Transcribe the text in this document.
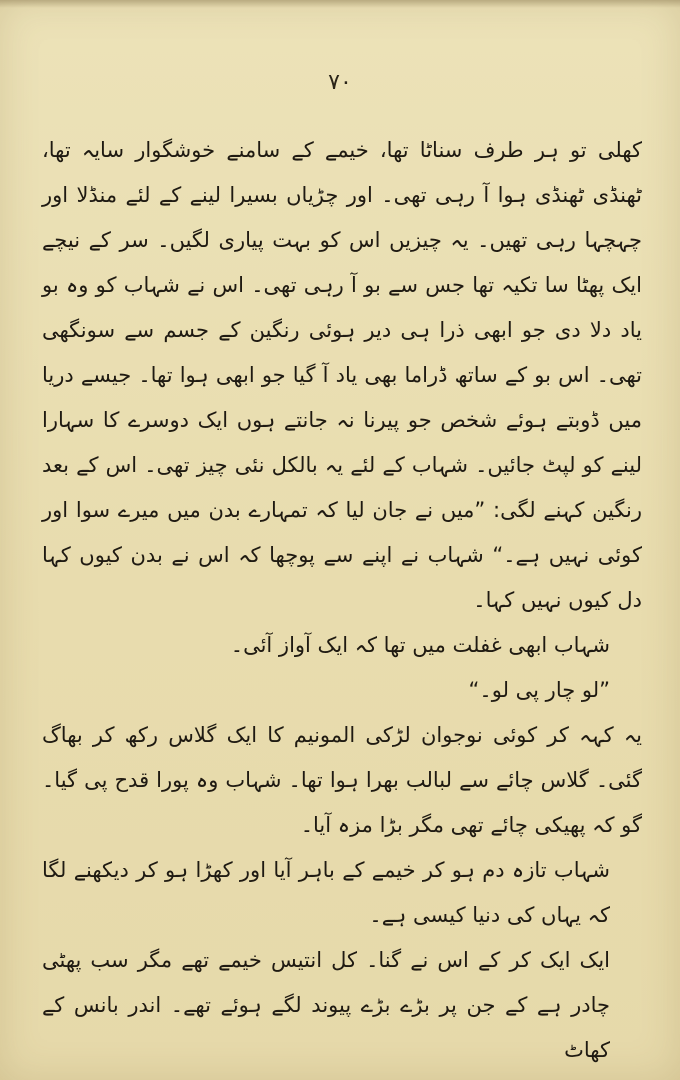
۷۰

کھلی تو ہر طرف سناٹا تھا، خیمے کے سامنے خوشگوار سایہ تھا، ٹھنڈی ٹھنڈی ہوا آ رہی تھی۔ اور چڑیاں بسیرا لینے کے لئے منڈلا اور چہچہا رہی تھیں۔ یہ چیزیں اس کو بہت پیاری لگیں۔ سر کے نیچے ایک پھٹا سا تکیہ تھا جس سے بو آ رہی تھی۔ اس نے شہاب کو وہ بو یاد دلا دی جو ابھی ذرا ہی دیر ہوئی رنگین کے جسم سے سونگھی تھی۔ اس بو کے ساتھ ڈراما بھی یاد آ گیا جو ابھی ہوا تھا۔ جیسے دریا میں ڈوبتے ہوئے شخص جو پیرنا نہ جانتے ہوں ایک دوسرے کا سہارا لینے کو لپٹ جائیں۔ شہاب کے لئے یہ بالکل نئی چیز تھی۔ اس کے بعد رنگین کہنے لگی: ”میں نے جان لیا کہ تمہارے بدن میں میرے سوا اور کوئی نہیں ہے۔“ شہاب نے اپنے سے پوچھا کہ اس نے بدن کیوں کہا دل کیوں نہیں کہا۔

شہاب ابھی غفلت میں تھا کہ ایک آواز آئی۔

”لو چار پی لو۔“

یہ کہہ کر کوئی نوجوان لڑکی المونیم کا ایک گلاس رکھ کر بھاگ گئی۔ گلاس چائے سے لبالب بھرا ہوا تھا۔ شہاب وہ پورا قدح پی گیا۔ گو کہ پھیکی چائے تھی مگر بڑا مزہ آیا۔

شہاب تازہ دم ہو کر خیمے کے باہر آیا اور کھڑا ہو کر دیکھنے لگا کہ یہاں کی دنیا کیسی ہے۔

ایک ایک کر کے اس نے گنا۔ کل انتیس خیمے تھے مگر سب پھٹی چادر ہے کے جن پر بڑے بڑے پیوند لگے ہوئے تھے۔ اندر بانس کے کھاٹ
